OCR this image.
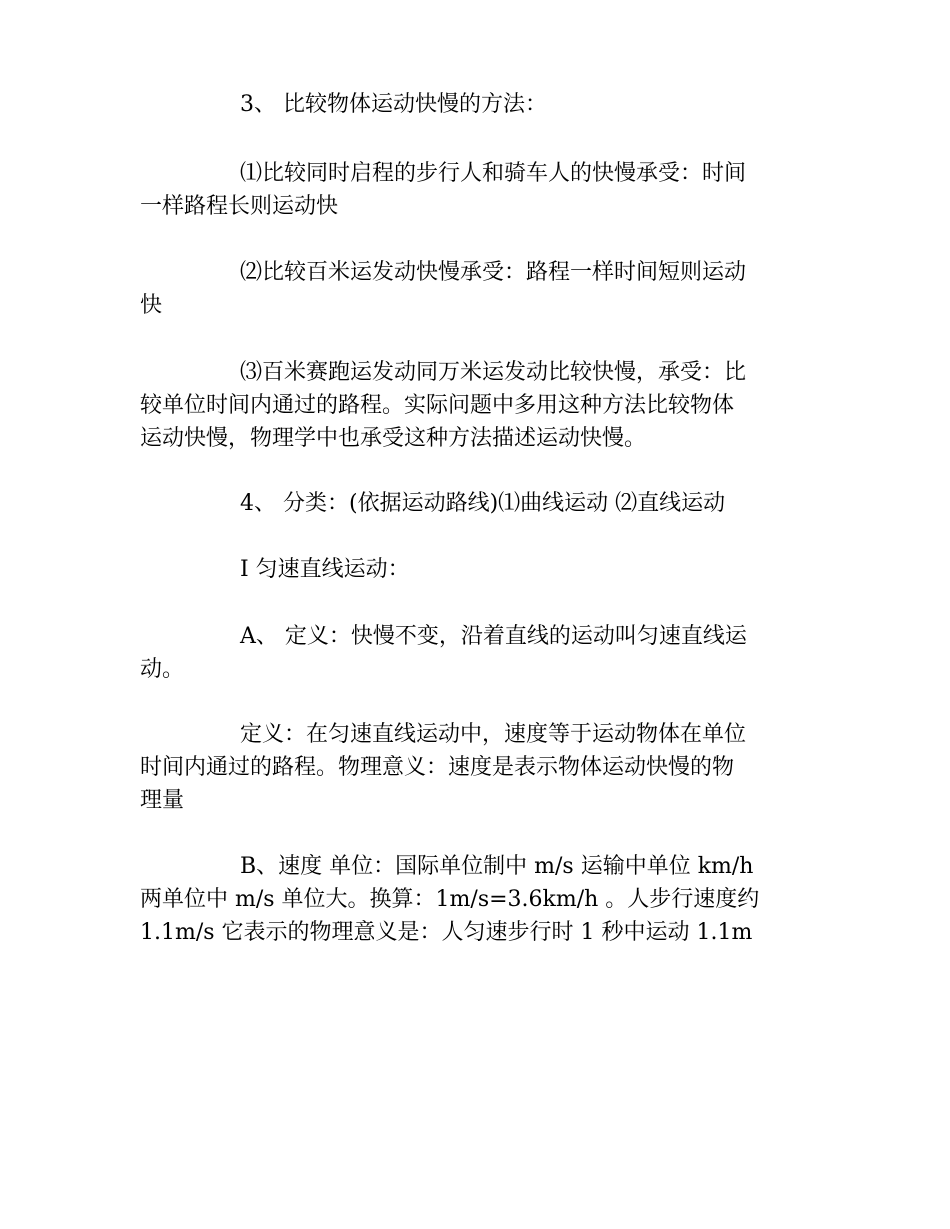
3、 比较物体运动快慢的方法：
⑴比较同时启程的步行人和骑车人的快慢承受：时间
一样路程长则运动快
⑵比较百米运发动快慢承受：路程一样时间短则运动
快
⑶百米赛跑运发动同万米运发动比较快慢，承受：比
较单位时间内通过的路程。实际问题中多用这种方法比较物体
运动快慢，物理学中也承受这种方法描述运动快慢。
4、 分类：(依据运动路线)⑴曲线运动 ⑵直线运动
Ⅰ 匀速直线运动：
A、 定义：快慢不变，沿着直线的运动叫匀速直线运
动。
定义：在匀速直线运动中，速度等于运动物体在单位
时间内通过的路程。物理意义：速度是表示物体运动快慢的物
理量
B、速度 单位：国际单位制中 m/s 运输中单位 km/h
两单位中 m/s 单位大。换算：1m/s=3.6km/h 。人步行速度约
1.1m/s 它表示的物理意义是：人匀速步行时 1 秒中运动 1.1m
